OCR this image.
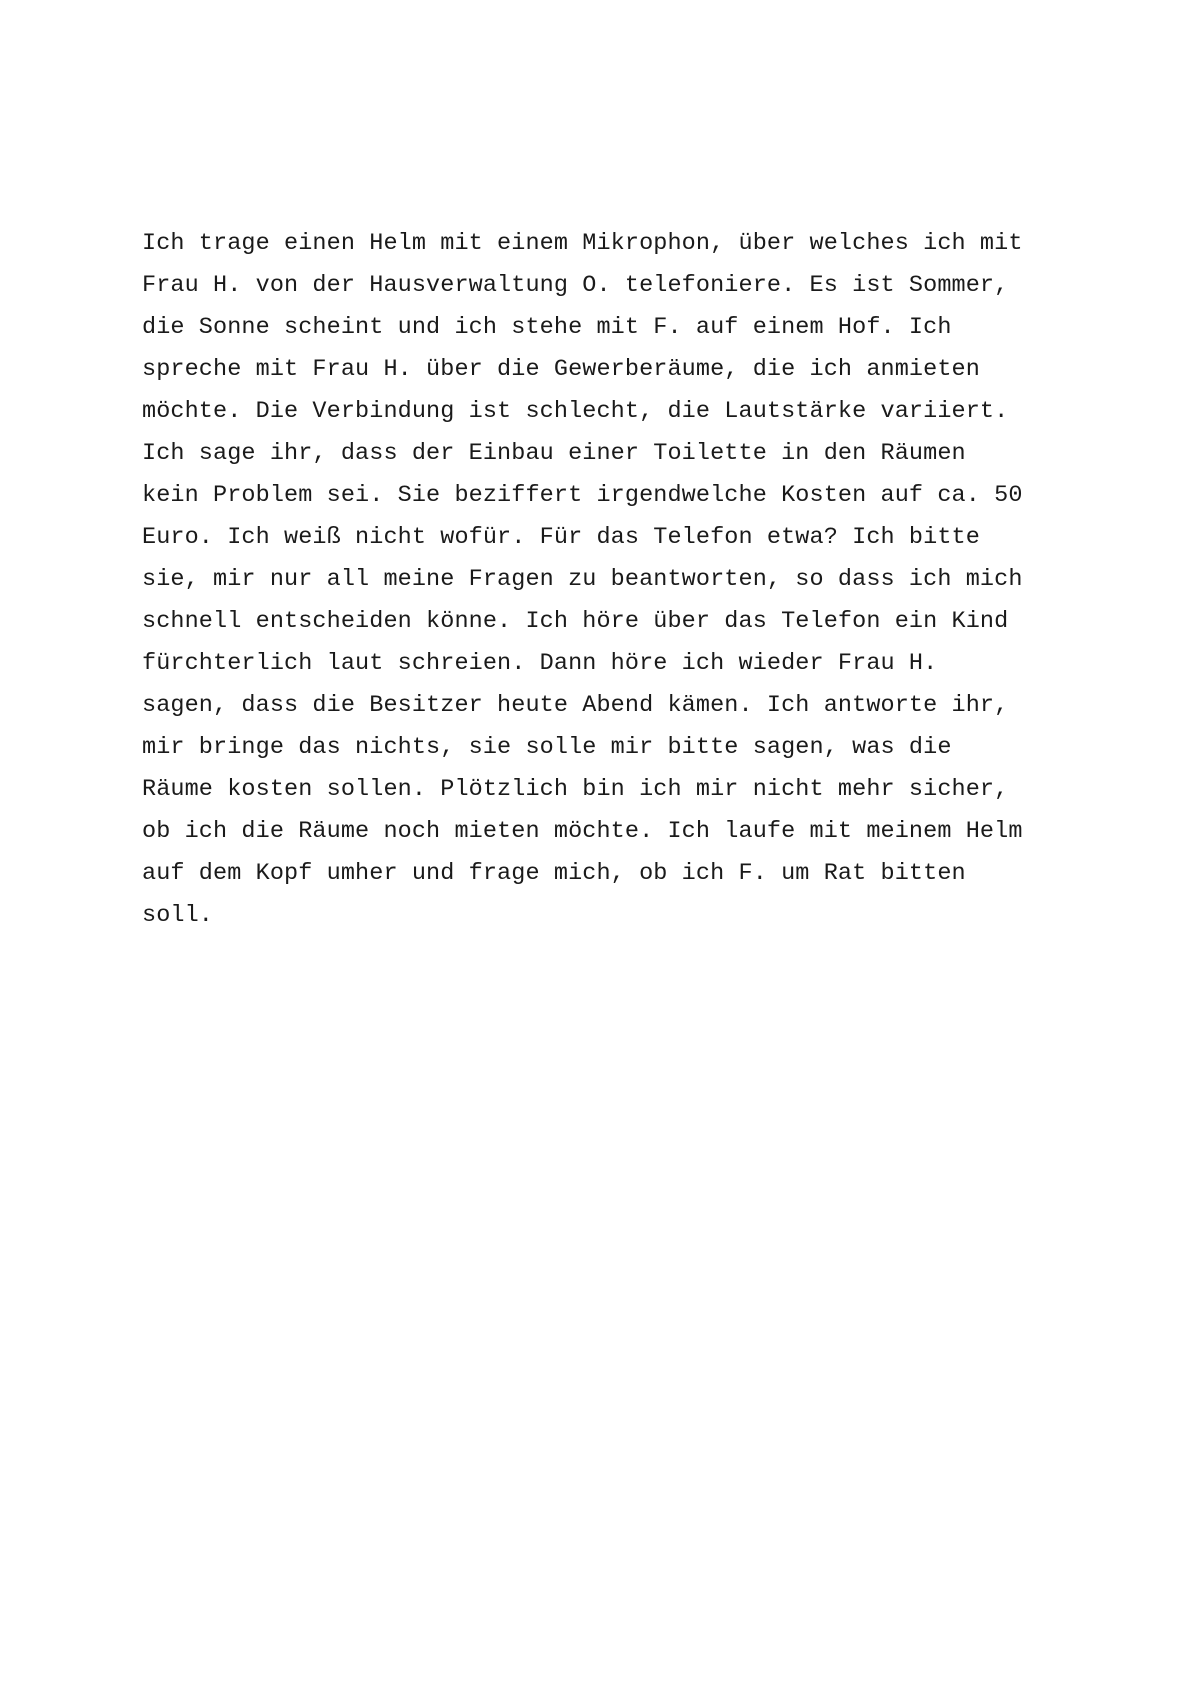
Ich trage einen Helm mit einem Mikrophon, über welches ich mit
Frau H. von der Hausverwaltung O. telefoniere. Es ist Sommer,
die Sonne scheint und ich stehe mit F. auf einem Hof. Ich
spreche mit Frau H. über die Gewerberäume, die ich anmieten
möchte. Die Verbindung ist schlecht, die Lautstärke variiert.
Ich sage ihr, dass der Einbau einer Toilette in den Räumen
kein Problem sei. Sie beziffert irgendwelche Kosten auf ca. 50
Euro. Ich weiß nicht wofür. Für das Telefon etwa? Ich bitte
sie, mir nur all meine Fragen zu beantworten, so dass ich mich
schnell entscheiden könne. Ich höre über das Telefon ein Kind
fürchterlich laut schreien. Dann höre ich wieder Frau H.
sagen, dass die Besitzer heute Abend kämen. Ich antworte ihr,
mir bringe das nichts, sie solle mir bitte sagen, was die
Räume kosten sollen. Plötzlich bin ich mir nicht mehr sicher,
ob ich die Räume noch mieten möchte. Ich laufe mit meinem Helm
auf dem Kopf umher und frage mich, ob ich F. um Rat bitten
soll.
